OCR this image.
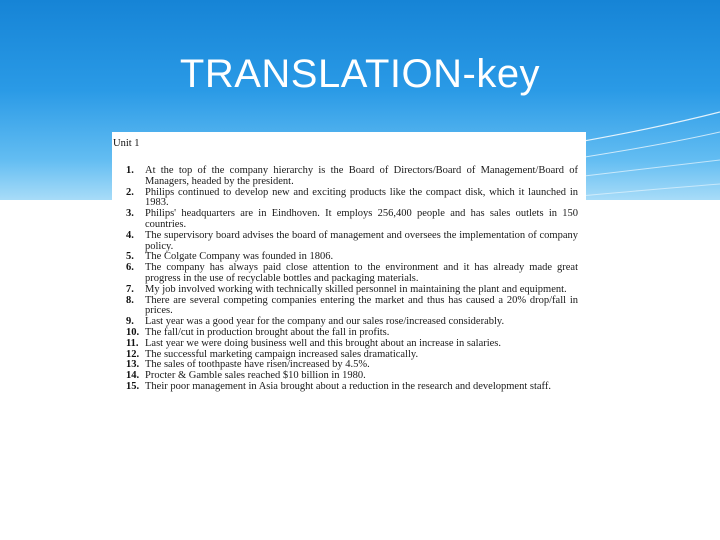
TRANSLATION-key
Unit 1
1. At the top of the company hierarchy is the Board of Directors/Board of Management/Board of Managers, headed by the president.
2. Philips continued to develop new and exciting products like the compact disk, which it launched in 1983.
3. Philips' headquarters are in Eindhoven. It employs 256,400 people and has sales outlets in 150 countries.
4. The supervisory board advises the board of management and oversees the implementation of company policy.
5. The Colgate Company was founded in 1806.
6. The company has always paid close attention to the environment and it has already made great progress in the use of recyclable bottles and packaging materials.
7. My job involved working with technically skilled personnel in maintaining the plant and equipment.
8. There are several competing companies entering the market and thus has caused a 20% drop/fall in prices.
9. Last year was a good year for the company and our sales rose/increased considerably.
10. The fall/cut in production brought about the fall in profits.
11. Last year we were doing business well and this brought about an increase in salaries.
12. The successful marketing campaign increased sales dramatically.
13. The sales of toothpaste have risen/increased by 4.5%.
14. Procter & Gamble sales reached $10 billion in 1980.
15. Their poor management in Asia brought about a reduction in the research and development staff.
